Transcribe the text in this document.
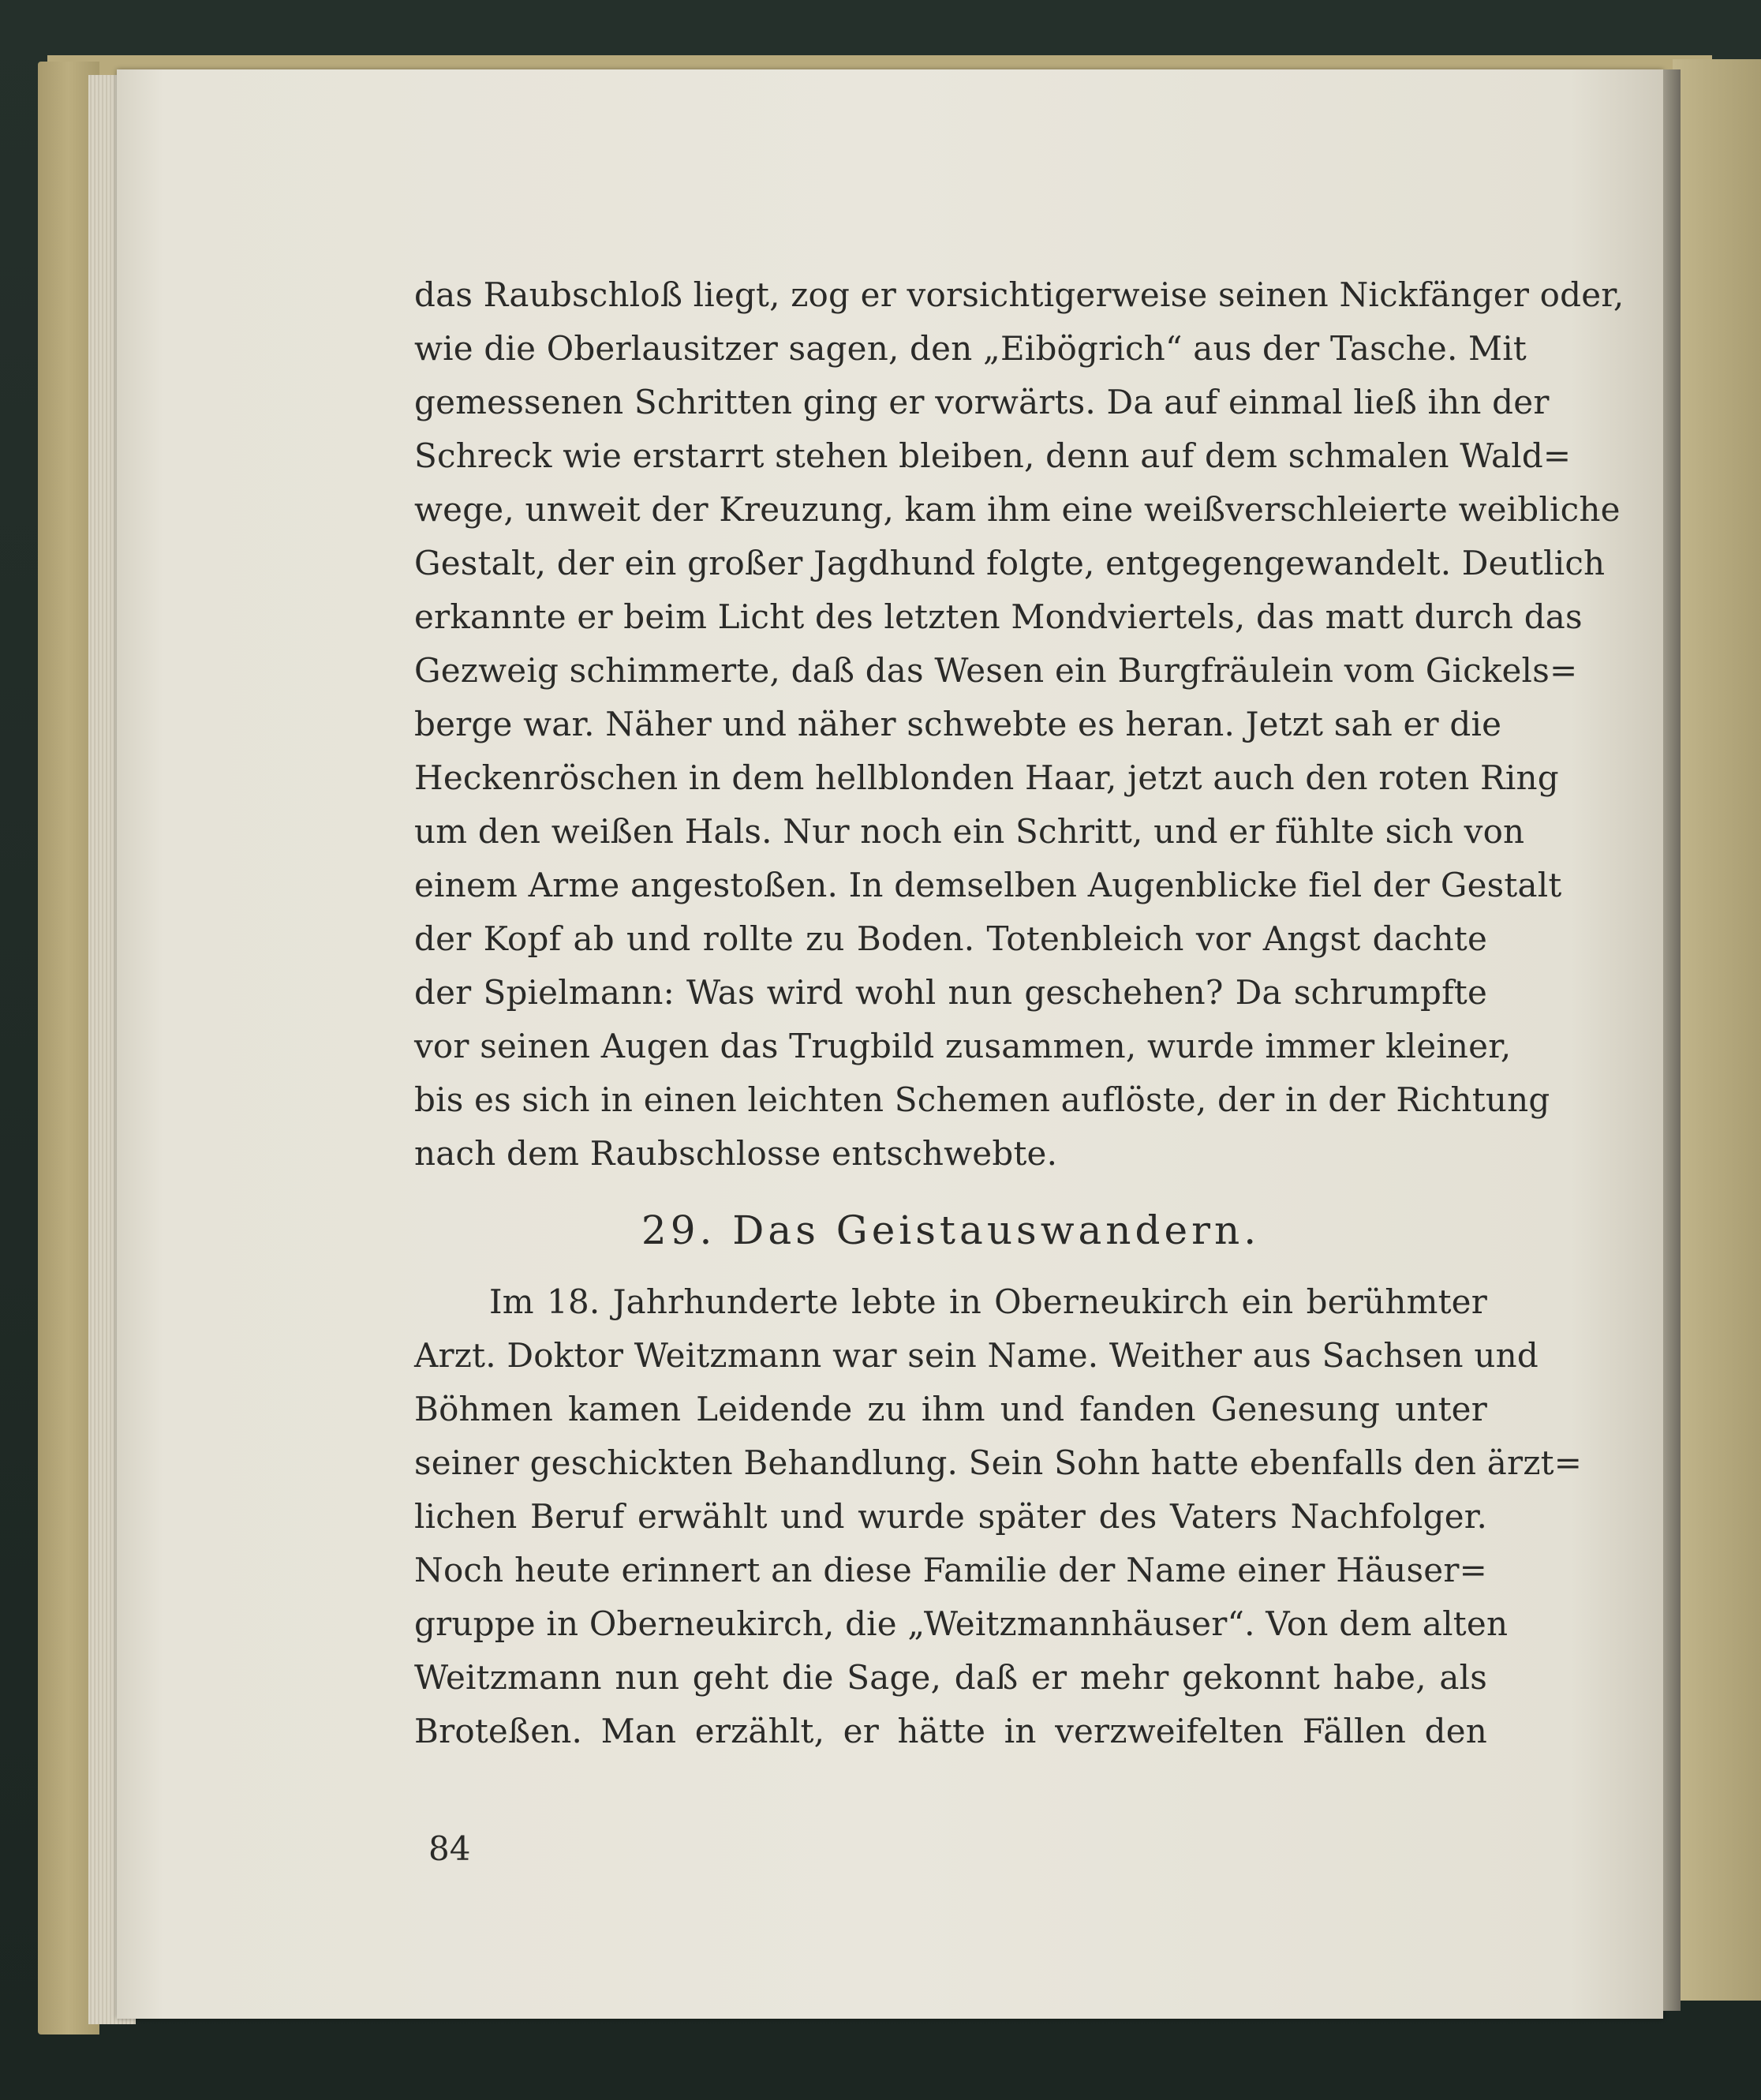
das Raubschloß liegt, zog er vorsichtigerweise seinen Nickfänger oder,
wie die Oberlausitzer sagen, den „Eibögrich“ aus der Tasche. Mit
gemessenen Schritten ging er vorwärts. Da auf einmal ließ ihn der
Schreck wie erstarrt stehen bleiben, denn auf dem schmalen Wald=
wege, unweit der Kreuzung, kam ihm eine weißverschleierte weibliche
Gestalt, der ein großer Jagdhund folgte, entgegengewandelt. Deutlich
erkannte er beim Licht des letzten Mondviertels, das matt durch das
Gezweig schimmerte, daß das Wesen ein Burgfräulein vom Gickels=
berge war. Näher und näher schwebte es heran. Jetzt sah er die
Heckenröschen in dem hellblonden Haar, jetzt auch den roten Ring
um den weißen Hals. Nur noch ein Schritt, und er fühlte sich von
einem Arme angestoßen. In demselben Augenblicke fiel der Gestalt
der Kopf ab und rollte zu Boden. Totenbleich vor Angst dachte
der Spielmann: Was wird wohl nun geschehen? Da schrumpfte
vor seinen Augen das Trugbild zusammen, wurde immer kleiner,
bis es sich in einen leichten Schemen auflöste, der in der Richtung
nach dem Raubschlosse entschwebte.
29. Das Geistauswandern.
Im 18. Jahrhunderte lebte in Oberneukirch ein berühmter
Arzt. Doktor Weitzmann war sein Name. Weither aus Sachsen und
Böhmen kamen Leidende zu ihm und fanden Genesung unter
seiner geschickten Behandlung. Sein Sohn hatte ebenfalls den ärzt=
lichen Beruf erwählt und wurde später des Vaters Nachfolger.
Noch heute erinnert an diese Familie der Name einer Häuser=
gruppe in Oberneukirch, die „Weitzmannhäuser“. Von dem alten
Weitzmann nun geht die Sage, daß er mehr gekonnt habe, als
Broteßen. Man erzählt, er hätte in verzweifelten Fällen den
84
